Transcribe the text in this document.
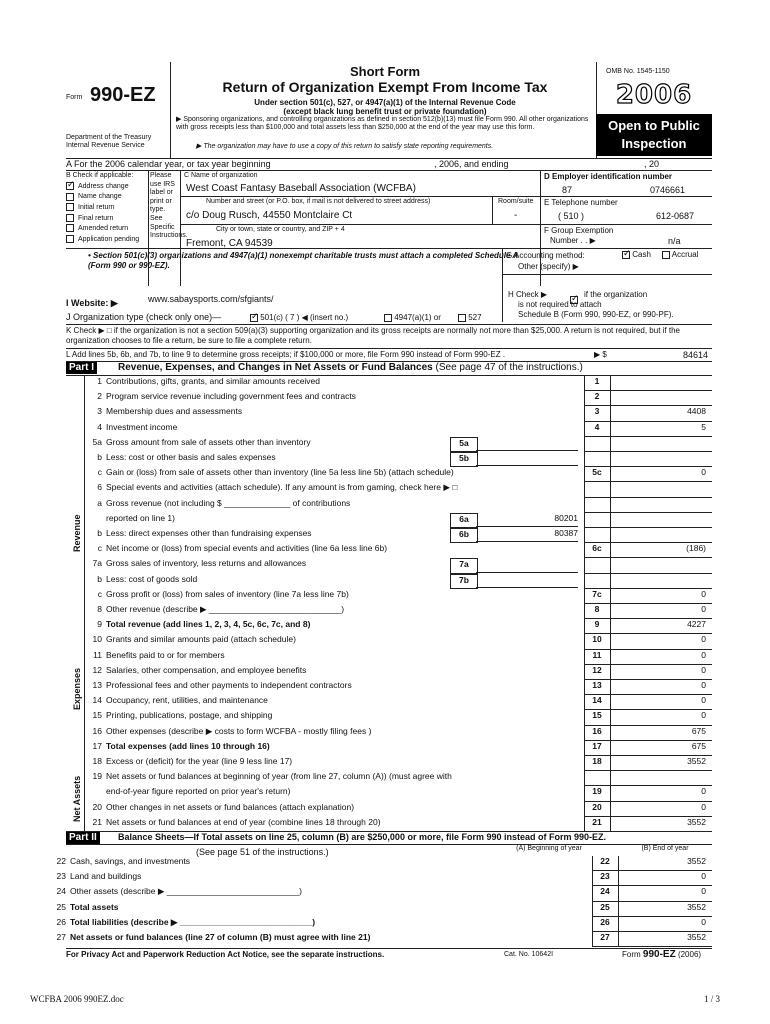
Form 990-EZ
Department of the Treasury
Internal Revenue Service
Short Form
Return of Organization Exempt From Income Tax
Under section 501(c), 527, or 4947(a)(1) of the Internal Revenue Code
(except black lung benefit trust or private foundation)
▶ Sponsoring organizations, and controlling organizations as defined in section 512(b)(13) must file Form 990. All other organizations with gross receipts less than $100,000 and total assets less than $250,000 at the end of the year may use this form.
▶ The organization may have to use a copy of this return to satisfy state reporting requirements.
OMB No. 1545-1150
2006
Open to Public
Inspection
A For the 2006 calendar year, or tax year beginning	, 2006, and ending	, 20
B Check if applicable:
✓Address change
Name change
Initial return
Final return
Amended return
Application pending
Please use IRS label or print or type. See Specific Instructions.
C Name of organization
West Coast Fantasy Baseball Association (WCFBA)
Number and street (or P.O. box, if mail is not delivered to street address)	Room/suite
c/o Doug Rusch, 44550 Montclaire Ct	-
City or town, state or country, and ZIP + 4
Fremont, CA 94539
D Employer identification number
87	0746661
E Telephone number
( 510 )	612-0687
F Group Exemption
Number . . ▶	n/a
• Section 501(c)(3) organizations and 4947(a)(1) nonexempt charitable trusts must attach a completed Schedule A (Form 990 or 990-EZ).
G Accounting method: ✓	Cash	Accrual
Other (specify) ▶
I Website: ▶	www.sabaysports.com/sfgiants/	H Check ▶
✓	if the organization
is not required to attach
Schedule B (Form 990, 990-EZ, or 990-PF).
J Organization type (check only one)— ✓	501(c) ( 7 ) ◀ (insert no.)	4947(a)(1) or	527
K Check ▶ □ if the organization is not a section 509(a)(3) supporting organization and its gross receipts are normally not more than $25,000. A return is not required, but if the organization chooses to file a return, be sure to file a complete return.
L Add lines 5b, 6b, and 7b, to line 9 to determine gross receipts; if $100,000 or more, file Form 990 instead of Form 990-EZ .	▶ $	84614
Part I	Revenue, Expenses, and Changes in Net Assets or Fund Balances (See page 47 of the instructions.)
Revenue
Expenses
Net Assets
1 Contributions, gifts, grants, and similar amounts received	1
2 Program service revenue including government fees and contracts	2
3 Membership dues and assessments	3	4408
4 Investment income	4	5
5a Gross amount from sale of assets other than inventory	5a
b Less: cost or other basis and sales expenses	5b
c Gain or (loss) from sale of assets other than inventory (line 5a less line 5b) (attach schedule)	5c	0
6 Special events and activities (attach schedule). If any amount is from gaming, check here ▶ □
a Gross revenue (not including $ ______________ of contributions
reported on line 1)	6a	80201
b Less: direct expenses other than fundraising expenses	6b	80387
c Net income or (loss) from special events and activities (line 6a less line 6b)	6c	(186)
7a Gross sales of inventory, less returns and allowances	7a
b Less: cost of goods sold	7b
c Gross profit or (loss) from sales of inventory (line 7a less line 7b)	7c	0
8 Other revenue (describe ▶ ____________________________)	8	0
9 Total revenue (add lines 1, 2, 3, 4, 5c, 6c, 7c, and 8)	9	4227
10 Grants and similar amounts paid (attach schedule)	10	0
11 Benefits paid to or for members	11	0
12 Salaries, other compensation, and employee benefits	12	0
13 Professional fees and other payments to independent contractors	13	0
14 Occupancy, rent, utilities, and maintenance	14	0
15 Printing, publications, postage, and shipping	15	0
16 Other expenses (describe ▶ costs to form WCFBA - mostly filing fees )	16	675
17 Total expenses (add lines 10 through 16)	17	675
18 Excess or (deficit) for the year (line 9 less line 17)	18	3552
19 Net assets or fund balances at beginning of year (from line 27, column (A)) (must agree with
end-of-year figure reported on prior year's return)	19	0
20 Other changes in net assets or fund balances (attach explanation)	20	0
21 Net assets or fund balances at end of year (combine lines 18 through 20)	21	3552
Part II	Balance Sheets—If Total assets on line 25, column (B) are $250,000 or more, file Form 990 instead of Form 990-EZ.
(See page 51 of the instructions.)	(A) Beginning of year	(B) End of year
22 Cash, savings, and investments	22	3552
23 Land and buildings	23	0
24 Other assets (describe ▶ ____________________________)	24	0
25 Total assets	25	3552
26 Total liabilities (describe ▶ ____________________________)	26	0
27 Net assets or fund balances (line 27 of column (B) must agree with line 21)	27	3552
For Privacy Act and Paperwork Reduction Act Notice, see the separate instructions.	Cat. No. 10642I	Form 990-EZ (2006)
WCFBA 2006 990EZ.doc	1 / 3
